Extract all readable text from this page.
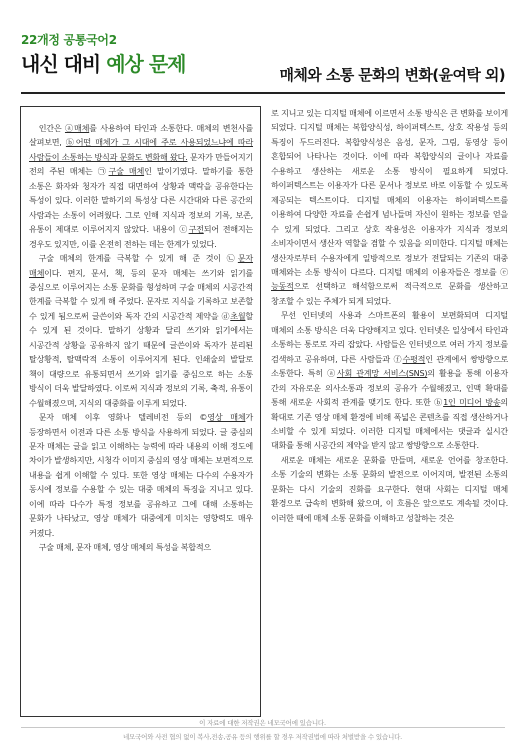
22개정 공통국어2
내신 대비 예상 문제	매체와 소통 문화의 변화(윤여탁 외)

인간은 ⓐ매체를 사용하여 타인과 소통한다. 매체의 변천사를 살펴보면, ⓑ어떤 매체가 그 시대에 주로 사용되었느냐에 따라 사람들이 소통하는 방식과 문화도 변화해 왔다. 문자가 만들어지기 전의 주된 매체는 ㉠구술 매체인 말이기였다. 말하기를 통한 소통은 화자와 청자가 직접 대면하여 상황과 맥락을 공유한다는 특성이 있다. 이러한 말하기의 특성상 다른 시간대와 다른 공간의 사람과는 소통이 어려웠다. 그로 인해 지식과 정보의 기록, 보존, 유통이 제대로 이루어지지 않았다. 내용이 ⓒ구전되어 전해지는 경우도 있지만, 이를 온전히 전하는 데는 한계가 있었다.

구술 매체의 한계를 극복할 수 있게 해 준 것이 ㉡문자 매체이다. 편지, 문서, 책, 등의 문자 매체는 쓰기와 읽기를 중심으로 이루어지는 소통 문화를 형성하며 구술 매체의 시공간적 한계를 극복할 수 있게 해 주었다. 문자로 지식을 기록하고 보존할 수 있게 됨으로써 글쓴이와 독자 간의 시공간적 제약을 ⓓ초월할 수 있게 된 것이다. 말하기 상황과 달리 쓰기와 읽기에서는 시공간적 상황을 공유하지 않기 때문에 글쓴이와 독자가 분리된 탈상황적, 탈맥락적 소통이 이루어지게 된다. 인쇄술의 발달로 책이 대량으로 유통되면서 쓰기와 읽기를 중심으로 하는 소통 방식이 더욱 발달하였다. 이로써 지식과 정보의 기록, 축적, 유통이 수월해졌으며, 지식의 대중화를 이루게 되었다.

문자 매체 이후 영화나 텔레비전 등의 ©영상 매체가 등장하면서 이전과 다른 소통 방식을 사용하게 되었다. 글 중심의 문자 매체는 글을 읽고 이해하는 능력에 따라 내용의 이해 정도에 차이가 발생하지만, 시청각 이미지 중심의 영상 매체는 보편적으로 내용을 쉽게 이해할 수 있다. 또한 영상 매체는 다수의 수용자가 동시에 정보를 수용할 수 있는 대중 매체의 특징을 지니고 있다. 이에 따라 다수가 특정 정보를 공유하고 그에 대해 소통하는 문화가 나타났고, 영상 매체가 대중에게 미치는 영향력도 매우 커졌다.

구술 매체, 문자 매체, 영상 매체의 특성을 복합적으

로 지니고 있는 디지털 매체에 이르면서 소통 방식은 큰 변화를 보이게 되었다. 디지털 매체는 복합양식성, 하이퍼텍스트, 상호 작용성 등의 특징이 두드러진다. 복합양식성은 음성, 문자, 그림, 동영상 등이 혼합되어 나타나는 것이다. 이에 따라 복합양식의 글이나 자료를 수용하고 생산하는 새로운 소통 방식이 필요하게 되었다. 하이퍼텍스트는 이용자가 다른 문서나 정보로 바로 이동할 수 있도록 제공되는 텍스트이다. 디지털 매체의 이용자는 하이퍼텍스트를 이용하여 다양한 자료를 손쉽게 넘나들며 자신이 원하는 정보를 얻을 수 있게 되었다. 그리고 상호 작용성은 이용자가 지식과 정보의 소비자이면서 생산자 역할을 겸할 수 있음을 의미한다. 디지털 매체는 생산자로부터 수용자에게 일방적으로 정보가 전달되는 기존의 대중 매체와는 소통 방식이 다르다. 디지털 매체의 이용자들은 정보를 ⓔ능동적으로 선택하고 해석함으로써 적극적으로 문화를 생산하고 창조할 수 있는 주체가 되게 되었다.

무선 인터넷의 사용과 스마트폰의 활용이 보편화되며 디지털 매체의 소통 방식은 더욱 다양해지고 있다. 인터넷은 일상에서 타인과 소통하는 통로로 자리 잡았다. 사람들은 인터넷으로 여러 가지 정보를 검색하고 공유하며, 다른 사람들과 ⓕ수평적인 관계에서 쌍방향으로 소통한다. 특히 ⓐ사회 관계망 서비스(SNS)의 활용을 통해 이용자 간의 자유로운 의사소통과 정보의 공유가 수월해졌고, 인맥 확대를 통해 새로운 사회적 관계를 맺기도 한다. 또한 ⓑ1인 미디어 방송의 확대로 기존 영상 매체 환경에 비해 폭넓은 콘텐츠를 직접 생산하거나 소비할 수 있게 되었다. 이러한 디지털 매체에서는 댓글과 실시간 대화를 통해 시공간의 제약을 받지 않고 쌍방향으로 소통한다.

새로운 매체는 새로운 문화를 만들며, 새로운 언어를 창조한다. 소통 기술의 변화는 소통 문화의 발전으로 이어지며, 발전된 소통의 문화는 다시 기술의 진화를 요구한다. 현대 사회는 디지털 매체 환경으로 급속히 변화해 왔으며, 이 흐름은 앞으로도 계속될 것이다. 이러한 때에 매체 소통 문화를 이해하고 성찰하는 것은

이 자료에 대한 저작권은 네모국어에 있습니다.
네모국어와 사전 협의 없이 복사,전송,공유 등의 행위를 할 경우 저작권법에 따라 처벌받을 수 있습니다.
